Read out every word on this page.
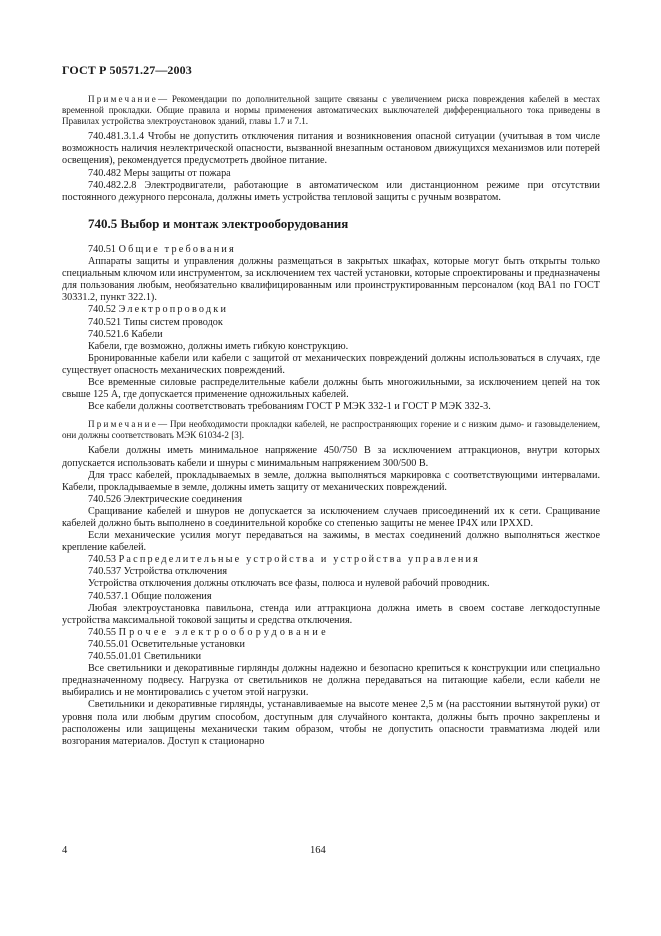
ГОСТ Р 50571.27—2003

Примечание— Рекомендации по дополнительной защите связаны с увеличением риска повреждения кабелей в местах временной прокладки. Общие правила и нормы применения автоматических выключателей дифференциального тока приведены в Правилах устройства электроустановок зданий, главы 1.7 и 7.1.

740.481.3.1.4 Чтобы не допустить отключения питания и возникновения опасной ситуации (учитывая в том числе возможность наличия неэлектрической опасности, вызванной внезапным остановом движущихся механизмов или потерей освещения), рекомендуется предусмотреть двойное питание.

740.482 Меры защиты от пожара

740.482.2.8 Электродвигатели, работающие в автоматическом или дистанционном режиме при отсутствии постоянного дежурного персонала, должны иметь устройства тепловой защиты с ручным возвратом.

740.5 Выбор и монтаж электрооборудования

740.51 Общие требования

Аппараты защиты и управления должны размещаться в закрытых шкафах, которые могут быть открыты только специальным ключом или инструментом, за исключением тех частей установки, которые спроектированы и предназначены для пользования любым, необязательно квалифицированным или проинструктированным персоналом (код ВА1 по ГОСТ 30331.2, пункт 322.1).

740.52 Электропроводки

740.521 Типы систем проводок

740.521.6 Кабели

Кабели, где возможно, должны иметь гибкую конструкцию.

Бронированные кабели или кабели с защитой от механических повреждений должны использоваться в случаях, где существует опасность механических повреждений.

Все временные силовые распределительные кабели должны быть многожильными, за исключением цепей на ток свыше 125 А, где допускается применение одножильных кабелей.

Все кабели должны соответствовать требованиям ГОСТ Р МЭК 332-1 и ГОСТ Р МЭК 332-3.

Примечание— При необходимости прокладки кабелей, не распространяющих горение и с низким дымо- и газовыделением, они должны соответствовать МЭК 61034-2 [3].

Кабели должны иметь минимальное напряжение 450/750 В за исключением аттракционов, внутри которых допускается использовать кабели и шнуры с минимальным напряжением 300/500 В.

Для трасс кабелей, прокладываемых в земле, должна выполняться маркировка с соответствующими интервалами. Кабели, прокладываемые в земле, должны иметь защиту от механических повреждений.

740.526 Электрические соединения

Сращивание кабелей и шнуров не допускается за исключением случаев присоединений их к сети. Сращивание кабелей должно быть выполнено в соединительной коробке со степенью защиты не менее IP4X или IPXXD.

Если механические усилия могут передаваться на зажимы, в местах соединений должно выполняться жесткое крепление кабелей.

740.53 Распределительные устройства и устройства управления

740.537 Устройства отключения

Устройства отключения должны отключать все фазы, полюса и нулевой рабочий проводник.

740.537.1 Общие положения

Любая электроустановка павильона, стенда или аттракциона должна иметь в своем составе легкодоступные устройства максимальной токовой защиты и средства отключения.

740.55 Прочее электрооборудование

740.55.01 Осветительные установки

740.55.01.01 Светильники

Все светильники и декоративные гирлянды должны надежно и безопасно крепиться к конструкции или специально предназначенному подвесу. Нагрузка от светильников не должна передаваться на питающие кабели, если кабели не выбирались и не монтировались с учетом этой нагрузки.

Светильники и декоративные гирлянды, устанавливаемые на высоте менее 2,5 м (на расстоянии вытянутой руки) от уровня пола или любым другим способом, доступным для случайного контакта, должны быть прочно закреплены и расположены или защищены механически таким образом, чтобы не допустить опасности травматизма людей или возгорания материалов. Доступ к стационарно

4	164
